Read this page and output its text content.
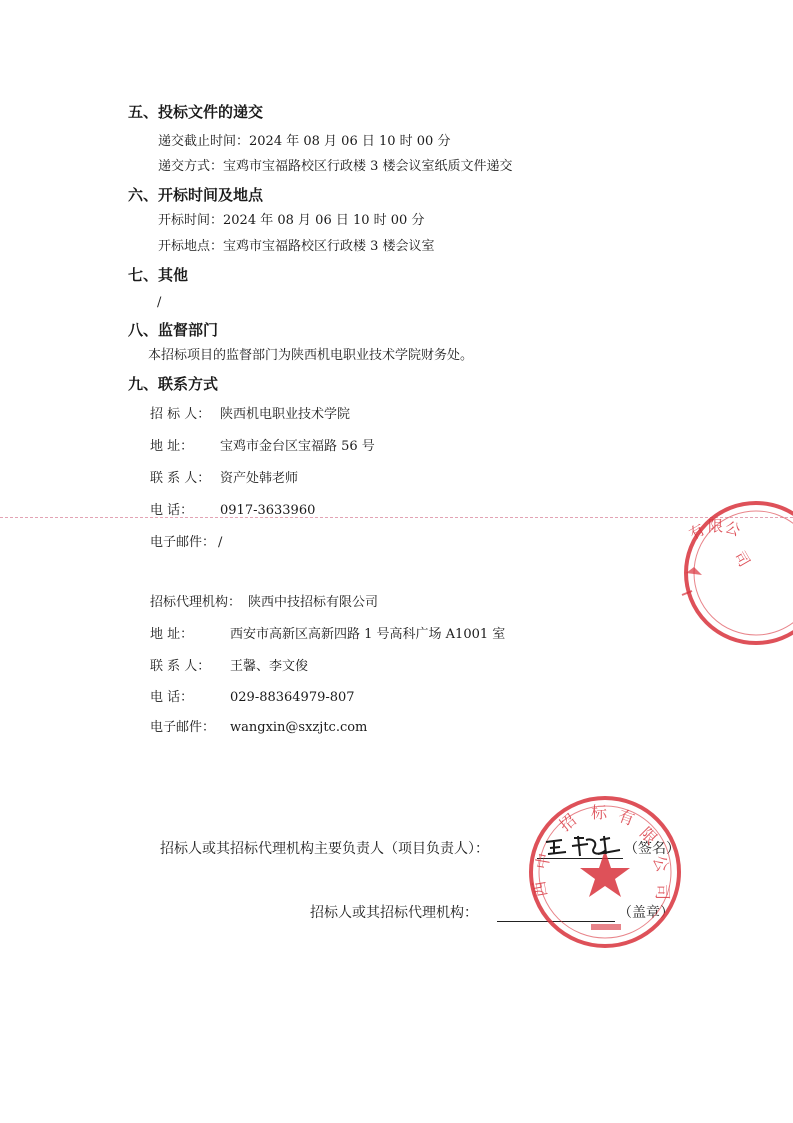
五、投标文件的递交
递交截止时间：2024 年 08 月 06 日 10 时 00 分
递交方式：宝鸡市宝福路校区行政楼 3 楼会议室纸质文件递交
六、开标时间及地点
开标时间：2024 年 08 月 06 日 10 时 00 分
开标地点：宝鸡市宝福路校区行政楼 3 楼会议室
七、其他
/
八、监督部门
本招标项目的监督部门为陕西机电职业技术学院财务处。
九、联系方式
招 标 人： 陕西机电职业技术学院
地 址： 宝鸡市金台区宝福路 56 号
联 系 人： 资产处韩老师
电 话： 0917-3633960
电子邮件： /
招标代理机构： 陕西中技招标有限公司
地 址：	西安市高新区高新四路 1 号高科广场 A1001 室
联 系 人： 王馨、李文俊
电 话：	029-88364979-807
电子邮件： wangxin@sxzjtc.com
招标人或其招标代理机构主要负责人（项目负责人）：	（签名）
招标人或其招标代理机构：	（盖章）
有 限 公
司
招 标 有
限
公
司
中
西
